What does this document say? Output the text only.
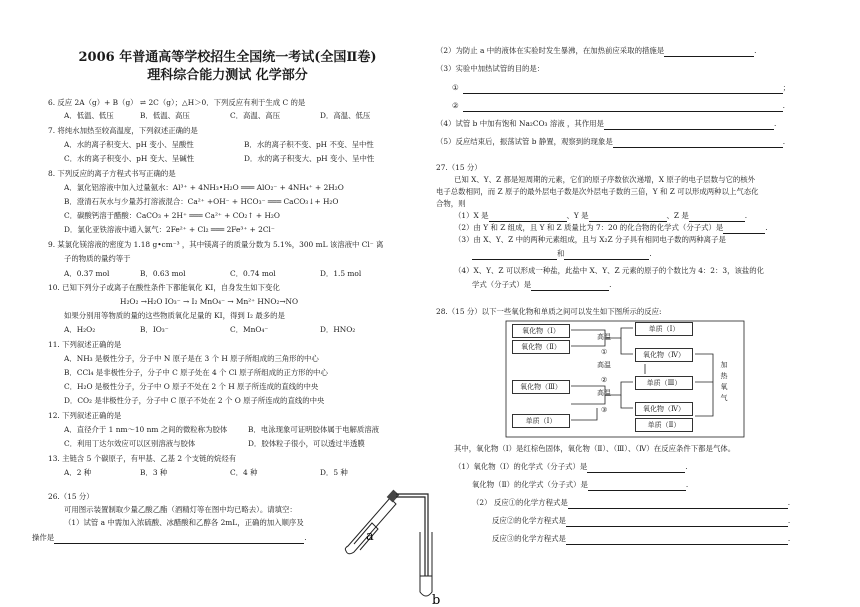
2006 年普通高等学校招生全国统一考试(全国Ⅱ卷)
理科综合能力测试 化学部分
6. 反应 2A（g）+ B（g） ⇌ 2C（g）；△H＞0．下列反应有利于生成 C 的是
A．低温、低压	B．低温、高压	C．高温、高压	D．高温、低压
7. 将纯水加热至较高温度，下列叙述正确的是
A．水的离子积变大、pH 变小、呈酸性	B．水的离子积不变、pH 不变、呈中性
C．水的离子积变小、pH 变大、呈碱性	D．水的离子积变大、pH 变小、呈中性
8. 下列反应的离子方程式书写正确的是
A．氯化铝溶液中加入过量氨水：Al³⁺ + 4NH₃•H₂O ═══ AlO₂⁻ + 4NH₄⁺ + 2H₂O
B．澄清石灰水与少量苏打溶液混合：Ca²⁺ +OH⁻ + HCO₃⁻ ═══ CaCO₃↓+ H₂O
C．碳酸钙溶于醋酸：CaCO₃ + 2H⁺ ═══ Ca²⁺ + CO₂↑ + H₂O
D．氯化亚铁溶液中通入氯气：2Fe²⁺ + Cl₂ ═══ 2Fe³⁺ + 2Cl⁻
9. 某氯化镁溶液的密度为 1.18 g•cm⁻³ ，其中镁离子的质量分数为 5.1%，300 mL 该溶液中 Cl⁻ 离
子的物质的量约等于
A．0.37 mol	B．0.63 mol	C．0.74 mol	D．1.5 mol
10. 已知下列分子或离子在酸性条件下都能氧化 KI，自身发生如下变化
H₂O₂ →H₂O IO₃⁻ → I₂ MnO₄⁻ → Mn²⁺ HNO₂→NO
如果分别用等物质的量的这些物质氧化足量的 KI，得到 I₂ 最多的是
A．H₂O₂	B．IO₃⁻	C．MnO₄⁻	D．HNO₂
11. 下列叙述正确的是
A．NH₃ 是极性分子，分子中 N 原子是在 3 个 H 原子所组成的三角形的中心
B．CCl₄ 是非极性分子，分子中 C 原子处在 4 个 Cl 原子所组成的正方形的中心
C．H₂O 是极性分子，分子中 O 原子不处在 2 个 H 原子所连成的直线的中央
D．CO₂ 是非极性分子，分子中 C 原子不处在 2 个 O 原子所连成的直线的中央
12. 下列叙述正确的是
A．直径介于 1 nm～10 nm 之间的微粒称为胶体	B．电泳现象可证明胶体属于电解质溶液
C．利用丁达尔效应可以区别溶液与胶体	D．胶体粒子很小，可以透过半透膜
13. 主链含 5 个碳原子，有甲基、乙基 2 个支链的烷烃有
A．2 种	B．3 种	C．4 种	D．5 种
26.（15 分）
可用图示装置制取少量乙酸乙酯（酒精灯等在图中均已略去）。请填空：
（1）试管 a 中需加入浓硫酸、冰醋酸和乙醇各 2mL，正确的加入顺序及
操作是	.	a
b
（2）为防止 a 中的液体在实验时发生暴沸，在加热前应采取的措施是	.
（3）实验中加热试管的目的是：
①	；
②	.
（4）试管 b 中加有饱和 Na₂CO₃ 溶液 ，其作用是	.
（5）反应结束后，振荡试管 b 静置，观察到的现象是	.
27.（15 分）
已知 X、Y、Z 都是短周期的元素，它们的原子序数依次递增，X 原子的电子层数与它的核外
电子总数相同，而 Z 原子的最外层电子数是次外层电子数的三倍，Y 和 Z 可以形成两种以上气态化
合物，则
（1）X 是	、Y 是	、Z 是	.
（2）由 Y 和 Z 组成，且 Y 和 Z 质量比为 7：20 的化合物的化学式（分子式）是	.
（3）由 X、Y、Z 中的两种元素组成，且与 X₂Z 分子具有相同电子数的两种离子是
和	.
（4）X、Y、Z 可以形成一种盐，此盐中 X、Y、Z 元素的原子的个数比为 4：2：3，该盐的化
学式（分子式）是	.
28.（15 分）以下一些氧化物和单质之间可以发生如下图所示的反应:
其中，氧化物（Ⅰ）是红棕色固体，氧化物（Ⅱ）、（Ⅲ）、（Ⅳ）在反应条件下都是气体。
（1）氧化物（Ⅰ）的化学式（分子式）是	.
氧化物（Ⅱ）的化学式（分子式）是	.
（2） 反应①的化学方程式是	.
反应②的化学方程式是	.
反应③的化学方程式是	.
氧化物（Ⅰ）
氧化物（Ⅱ）
氧化物（Ⅲ）
单质（Ⅰ）
单质（Ⅰ）
氧化物（Ⅳ）
单质（Ⅲ）
氧化物（Ⅳ）
单质（Ⅱ）
高温
①
高温
②
高温
③
加 热 氧 气
